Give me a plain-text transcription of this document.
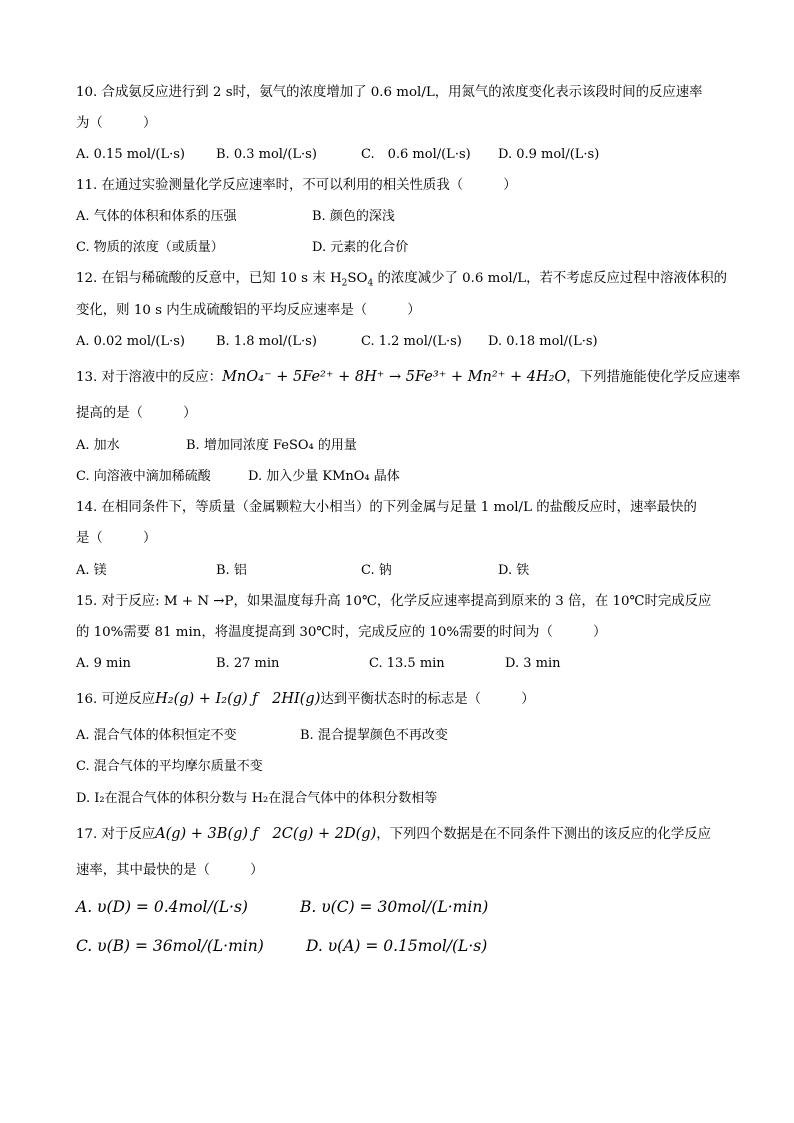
10. 合成氨反应进行到 2 s时，氨气的浓度增加了 0.6 mol/L，用氮气的浓度变化表示该段时间的反应速率
为（　　　）
A. 0.15 mol/(L·s) B. 0.3 mol/(L·s)	C.　0.6 mol/(L·s) D. 0.9 mol/(L·s)
11. 在通过实验测量化学反应速率时，不可以利用的相关性质我（　　　）
A. 气体的体积和体系的压强	B. 颜色的深浅
C. 物质的浓度（或质量）	D. 元素的化合价
12. 在铝与稀硫酸的反意中，已知 10 s 末 $H_2SO_4$ 的浓度减少了 0.6 mol/L，若不考虑反应过程中溶液体积的
变化，则 10 s 内生成硫酸铝的平均反应速率是（　　　）
A. 0.02 mol/(L·s) B. 1.8 mol/(L·s)	C. 1.2 mol/(L·s) D. 0.18 mol/(L·s)
13. 对于溶液中的反应：MnO₄⁻ + 5Fe²⁺ + 8H⁺ → 5Fe³⁺ + Mn²⁺ + 4H₂O，下列措施能使化学反应速率
提高的是（　　　）
A. 加水	B. 增加同浓度 FeSO₄ 的用量
C. 向溶液中滴加稀硫酸	D. 加入少量 KMnO₄ 晶体
14. 在相同条件下，等质量（金属颗粒大小相当）的下列金属与足量 1 mol/L 的盐酸反应时，速率最快的
是（　　　）
A. 镁	B. 铝	C. 钠	D. 铁
15. 对于反应: M + N →P，如果温度每升高 10℃，化学反应速率提高到原来的 3 倍，在 10℃时完成反应
的 10%需要 81 min，将温度提高到 30℃时，完成反应的 10%需要的时间为（　　　）
A. 9 min	B. 27 min	C. 13.5 min	D. 3 min
16. 可逆反应H₂(g) + I₂(g) ƒ　2HI(g)达到平衡状态时的标志是（　　　）
A. 混合气体的体积恒定不变	B. 混合提挈颜色不再改变
C. 混合气体的平均摩尔质量不变
D. I₂在混合气体的体积分数与 H₂在混合气体中的体积分数相等
17. 对于反应A(g) + 3B(g) ƒ　2C(g) + 2D(g)，下列四个数据是在不同条件下测出的该反应的化学反应
速率，其中最快的是（　　　）
A. υ(D) = 0.4mol/(L·s)	B. υ(C) = 30mol/(L·min)
C. υ(B) = 36mol/(L·min)	D. υ(A) = 0.15mol/(L·s)
